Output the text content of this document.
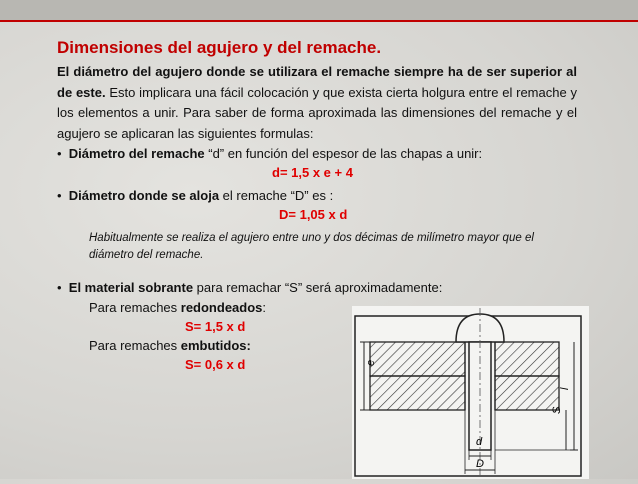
Dimensiones del agujero y del remache.

El diámetro del agujero donde se utilizara el remache siempre ha de ser superior al de este. Esto implicara una fácil colocación y que exista cierta holgura entre el remache y los elementos a unir. Para saber de forma aproximada las dimensiones del remache y el agujero se aplicaran las siguientes formulas:

•  Diámetro del remache “d” en función del espesor de las chapas a unir:

d= 1,5 x e + 4

•  Diámetro donde se aloja el remache “D” es :

D= 1,05 x d
Habitualmente se realiza el agujero entre uno y dos décimas de milímetro mayor que el diámetro del remache.

•  El material sobrante para remachar “S” será aproximadamente:

Para remaches redondeados:
S= 1,5 x d
Para remaches embutidos:
S= 0,6 x d	e
l
S
d
D
